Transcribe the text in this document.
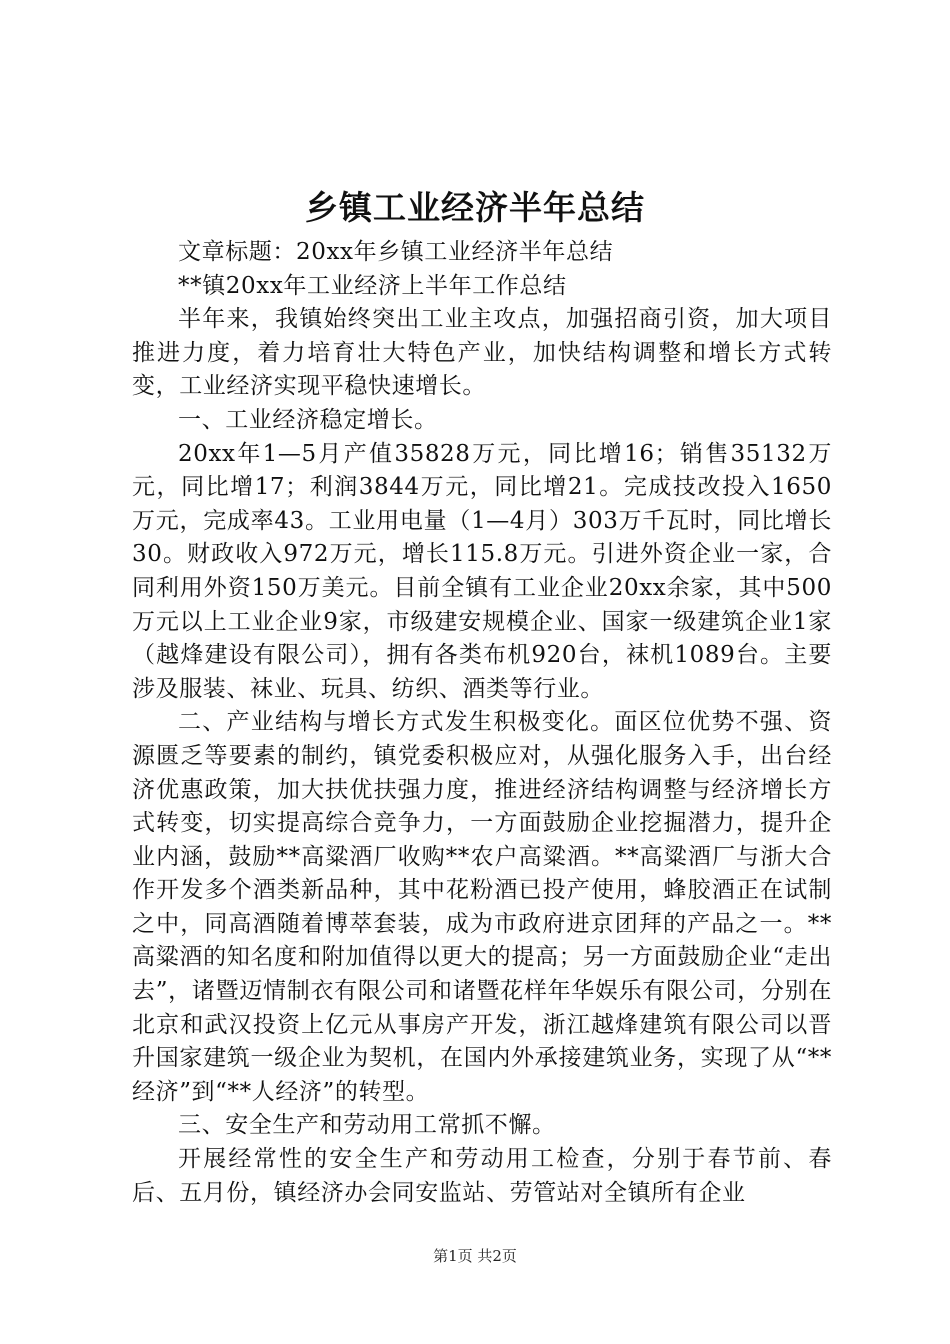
乡镇工业经济半年总结

文章标题：20xx年乡镇工业经济半年总结

**镇20xx年工业经济上半年工作总结

半年来，我镇始终突出工业主攻点，加强招商引资，加大项目推进力度，着力培育壮大特色产业，加快结构调整和增长方式转变，工业经济实现平稳快速增长。

一、工业经济稳定增长。

20xx年1—5月产值35828万元，同比增16；销售35132万元，同比增17；利润3844万元，同比增21。完成技改投入1650万元，完成率43。工业用电量（1—4月）303万千瓦时，同比增长30。财政收入972万元，增长115.8万元。引进外资企业一家，合同利用外资150万美元。目前全镇有工业企业20xx余家，其中500万元以上工业企业9家，市级建安规模企业、国家一级建筑企业1家（越烽建设有限公司），拥有各类布机920台，袜机1089台。主要涉及服装、袜业、玩具、纺织、酒类等行业。

二、产业结构与增长方式发生积极变化。面区位优势不强、资源匮乏等要素的制约，镇党委积极应对，从强化服务入手，出台经济优惠政策，加大扶优扶强力度，推进经济结构调整与经济增长方式转变，切实提高综合竞争力，一方面鼓励企业挖掘潜力，提升企业内涵，鼓励**高粱酒厂收购**农户高粱酒。**高粱酒厂与浙大合作开发多个酒类新品种，其中花粉酒已投产使用，蜂胶酒正在试制之中，同高酒随着博萃套装，成为市政府进京团拜的产品之一。**高粱酒的知名度和附加值得以更大的提高；另一方面鼓励企业“走出去”，诸暨迈情制衣有限公司和诸暨花样年华娱乐有限公司，分别在北京和武汉投资上亿元从事房产开发，浙江越烽建筑有限公司以晋升国家建筑一级企业为契机，在国内外承接建筑业务，实现了从“**经济”到“**人经济”的转型。

三、安全生产和劳动用工常抓不懈。

开展经常性的安全生产和劳动用工检查，分别于春节前、春后、五月份，镇经济办会同安监站、劳管站对全镇所有企业

第1页 共2页
